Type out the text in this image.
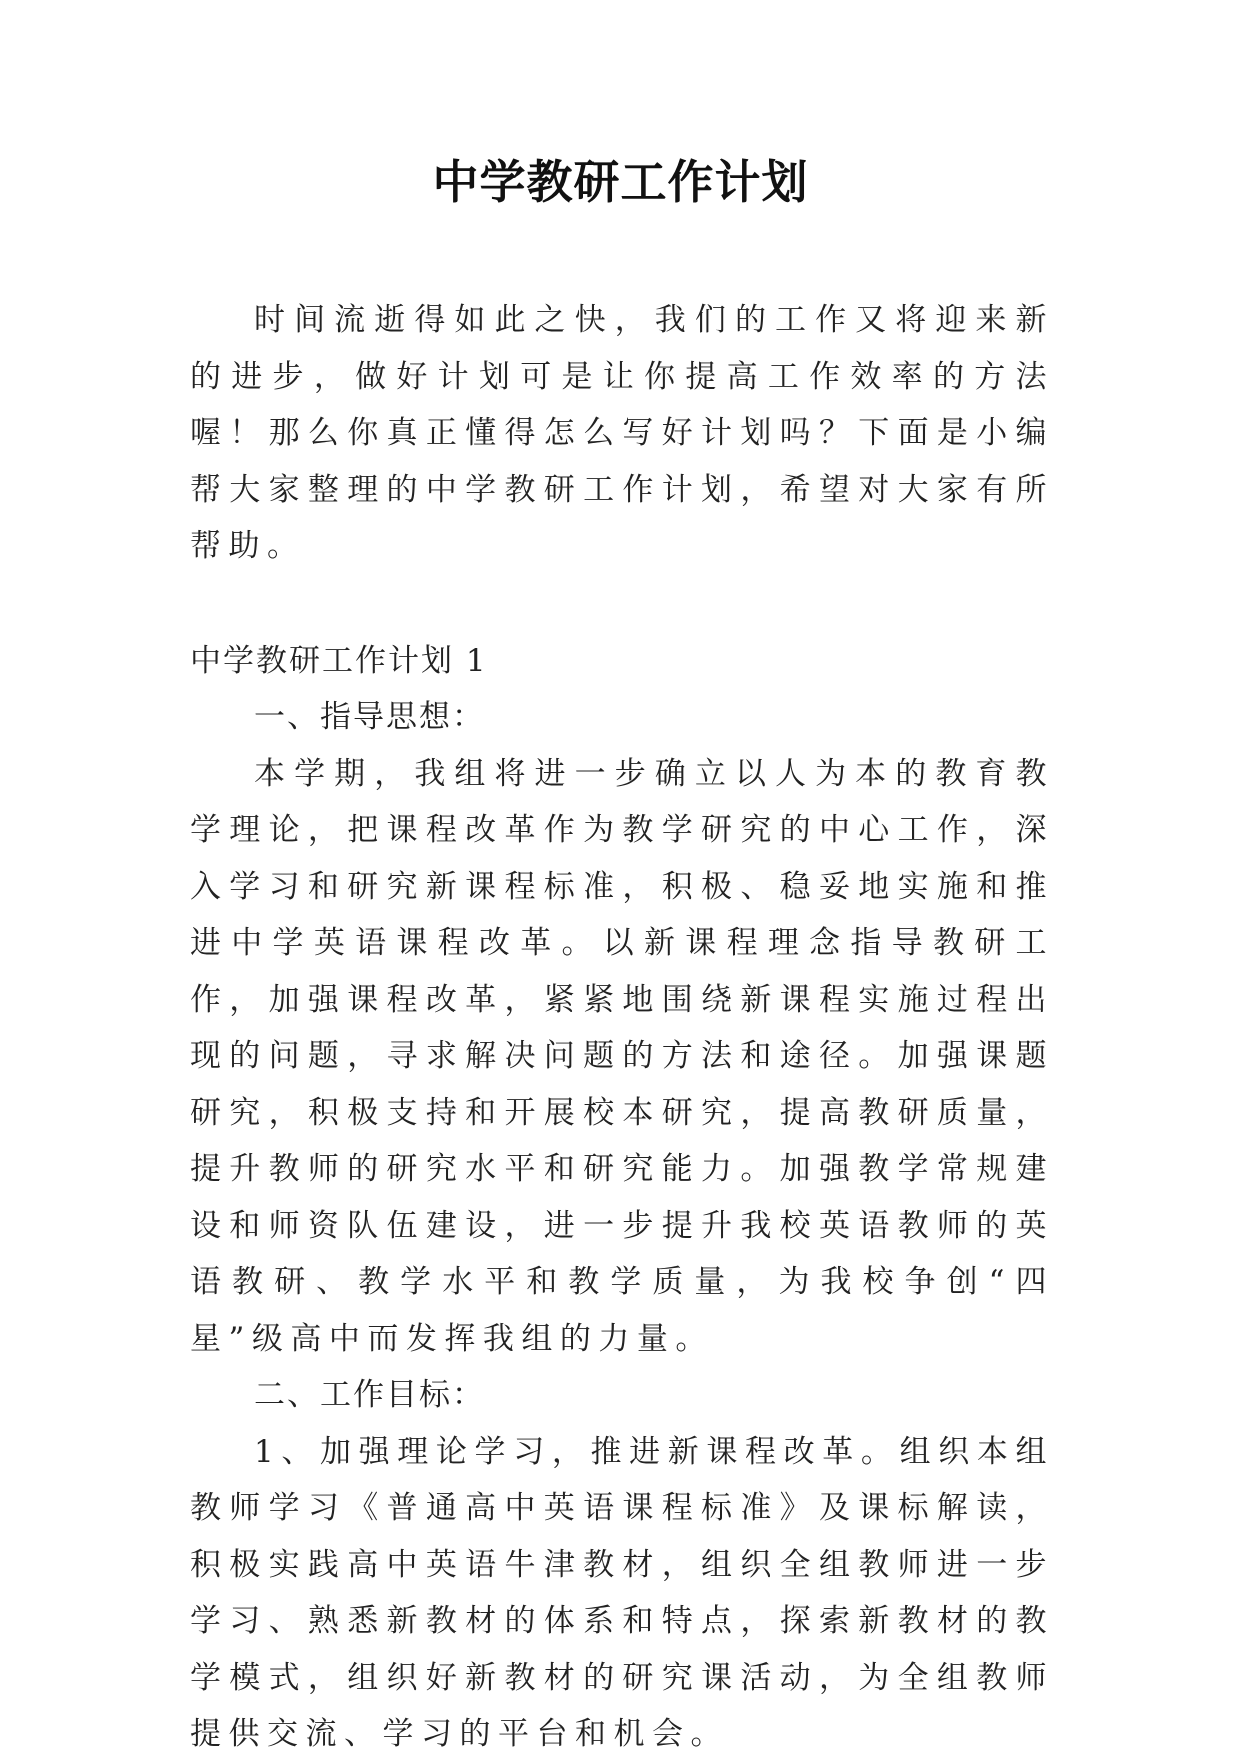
中学教研工作计划

时间流逝得如此之快，我们的工作又将迎来新的进步，做好计划可是让你提高工作效率的方法喔！那么你真正懂得怎么写好计划吗？下面是小编帮大家整理的中学教研工作计划，希望对大家有所帮助。

中学教研工作计划 1

一、指导思想：

本学期，我组将进一步确立以人为本的教育教学理论，把课程改革作为教学研究的中心工作，深入学习和研究新课程标准，积极、稳妥地实施和推进中学英语课程改革。以新课程理念指导教研工作，加强课程改革，紧紧地围绕新课程实施过程出现的问题，寻求解决问题的方法和途径。加强课题研究，积极支持和开展校本研究，提高教研质量，提升教师的研究水平和研究能力。加强教学常规建设和师资队伍建设，进一步提升我校英语教师的英语教研、教学水平和教学质量，为我校争创“四星”级高中而发挥我组的力量。

二、工作目标：

1、加强理论学习，推进新课程改革。组织本组教师学习《普通高中英语课程标准》及课标解读，积极实践高中英语牛津教材，组织全组教师进一步学习、熟悉新教材的体系和特点，探索新教材的教学模式，组织好新教材的研究课活动，为全组教师提供交流、学习的平台和机会。
